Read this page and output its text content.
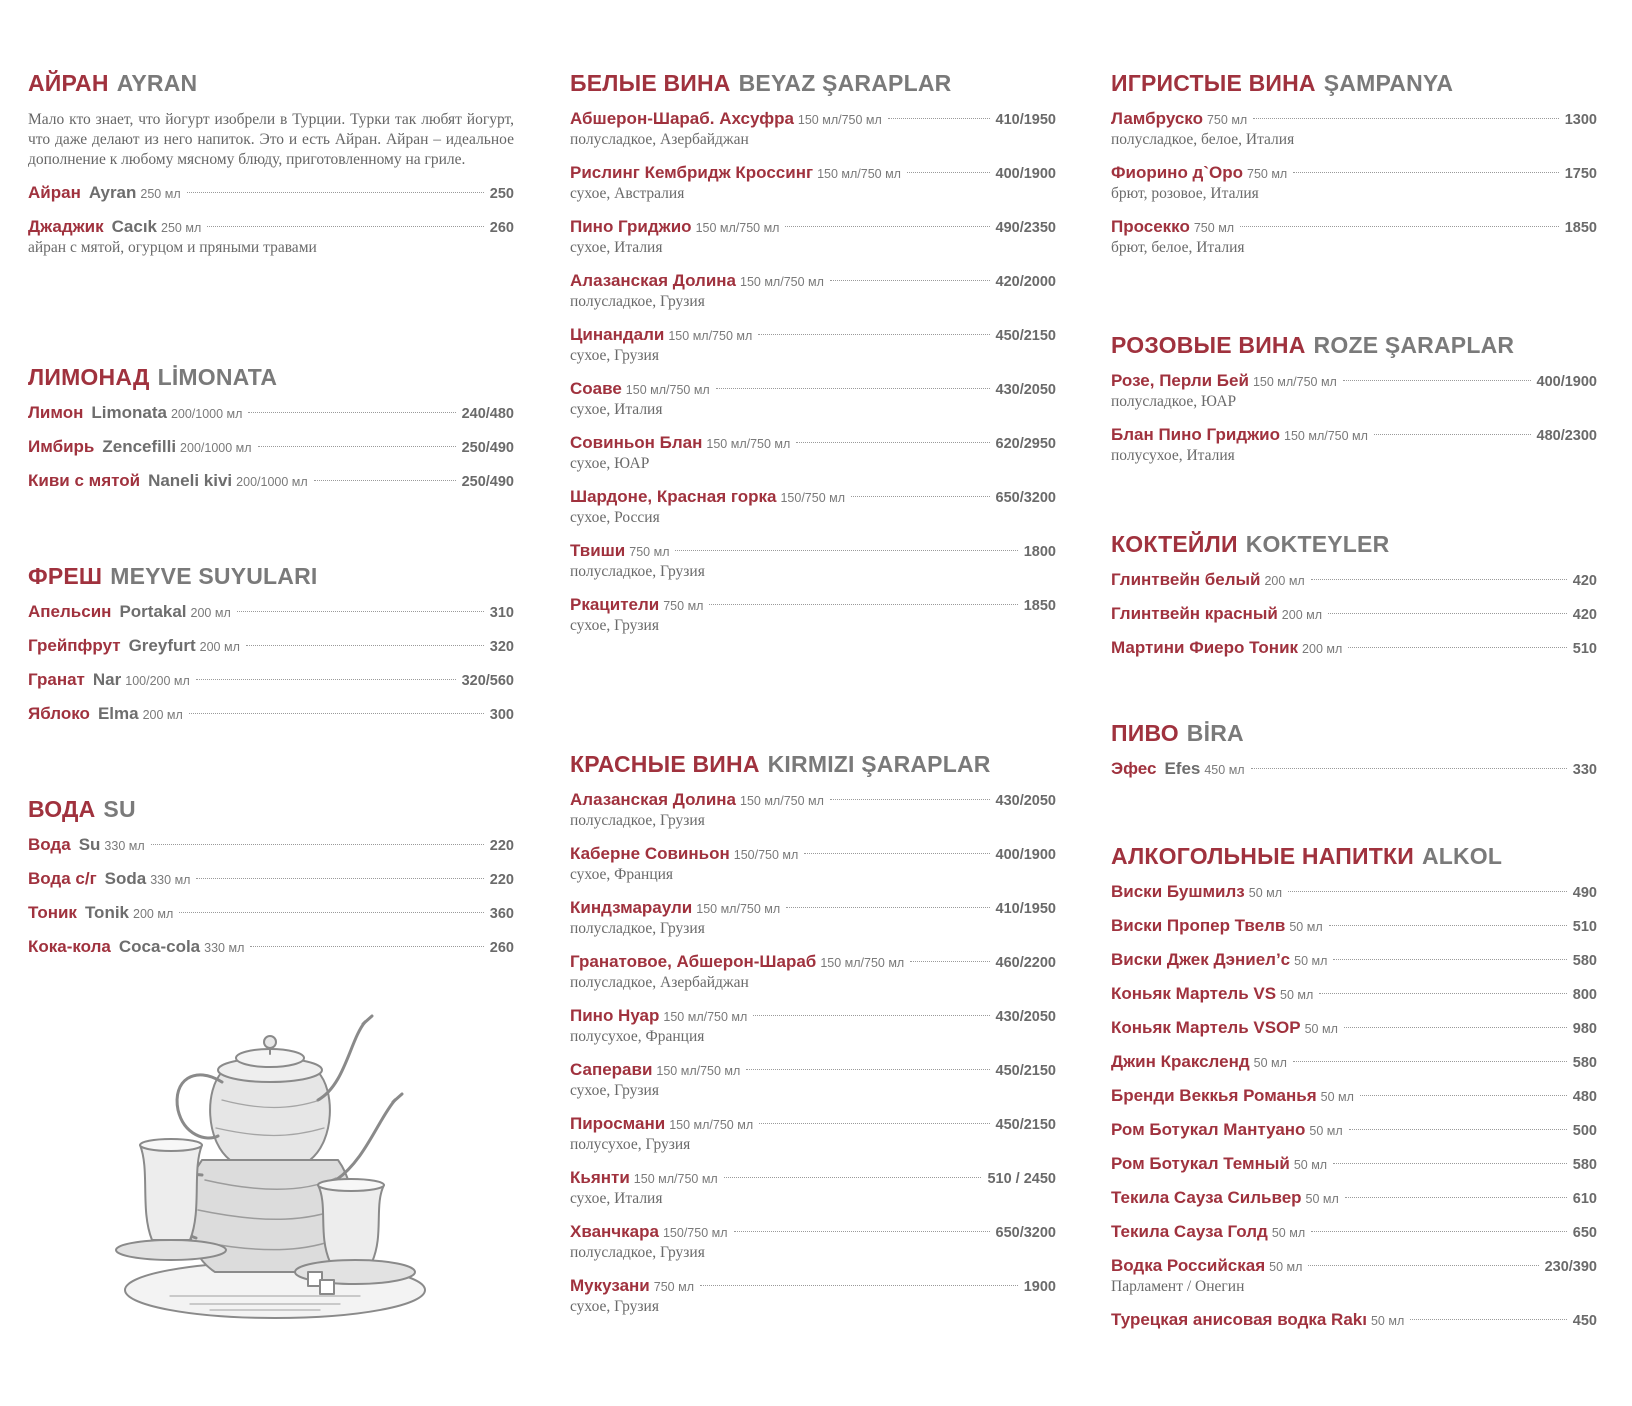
АЙРАН AYRAN

Мало кто знает, что йогурт изобрели в Турции. Турки так любят йогурт, что даже делают из него напиток. Это и есть Айран. Айран – идеальное дополнение к любому мясному блюду, приготовленному на гриле.

Айран Ayran 250 мл	250
Джаджик Cacık 250 мл	260
айран с мятой, огурцом и пряными травами
ЛИМОНАД LİMONATA
Лимон Limonata 200/1000 мл	240/480
Имбирь Zencefilli 200/1000 мл	250/490
Киви с мятой Naneli kivi 200/1000 мл	250/490
ФРЕШ MEYVE SUYULARI
Апельсин Portakal 200 мл	310
Грейпфрут Greyfurt 200 мл	320
Гранат Nar 100/200 мл	320/560
Яблоко Elma 200 мл	300
ВОДА SU
Вода Su 330 мл	220
Вода с/г Soda 330 мл	220
Тоник Tonik 200 мл	360
Кока-кола Coca-cola 330 мл	260
БЕЛЫЕ ВИНА BEYAZ ŞARAPLAR
Абшерон-Шараб. Ахсуфра 150 мл/750 мл	410/1950
полусладкое, Азербайджан
Рислинг Кембридж Кроссинг 150 мл/750 мл	400/1900
сухое, Австралия
Пино Гриджио 150 мл/750 мл	490/2350
сухое, Италия
Алазанская Долина 150 мл/750 мл	420/2000
полусладкое, Грузия
Цинандали 150 мл/750 мл	450/2150
сухое, Грузия
Соаве 150 мл/750 мл	430/2050
сухое, Италия
Совиньон Блан 150 мл/750 мл	620/2950
сухое, ЮАР
Шардоне, Красная горка 150/750 мл	650/3200
сухое, Россия
Твиши 750 мл	1800
полусладкое, Грузия
Ркацители 750 мл	1850
сухое, Грузия
КРАСНЫЕ ВИНА KIRMIZI ŞARAPLAR
Алазанская Долина 150 мл/750 мл	430/2050
полусладкое, Грузия
Каберне Совиньон 150/750 мл	400/1900
сухое, Франция
Киндзмараули 150 мл/750 мл	410/1950
полусладкое, Грузия
Гранатовое, Абшерон-Шараб 150 мл/750 мл	460/2200
полусладкое, Азербайджан
Пино Нуар 150 мл/750 мл	430/2050
полусухое, Франция
Саперави 150 мл/750 мл	450/2150
сухое, Грузия
Пиросмани 150 мл/750 мл	450/2150
полусухое, Грузия
Кьянти 150 мл/750 мл	510 / 2450
сухое, Италия
Хванчкара 150/750 мл	650/3200
полусладкое, Грузия
Мукузани 750 мл	1900
сухое, Грузия
ИГРИСТЫЕ ВИНА ŞAMPANYA
Ламбруско 750 мл	1300
полусладкое, белое, Италия
Фиорино д`Оро 750 мл	1750
брют, розовое, Италия
Просекко 750 мл	1850
брют, белое, Италия
РОЗОВЫЕ ВИНА ROZE ŞARAPLAR
Розе, Перли Бей 150 мл/750 мл	400/1900
полусладкое, ЮАР
Блан Пино Гриджио 150 мл/750 мл	480/2300
полусухое, Италия
КОКТЕЙЛИ KOKTEYLER
Глинтвейн белый 200 мл	420
Глинтвейн красный 200 мл	420
Мартини Фиеро Тоник 200 мл	510
ПИВО BİRA
Эфес Efes 450 мл	330
АЛКОГОЛЬНЫЕ НАПИТКИ ALKOL
Виски Бушмилз 50 мл	490
Виски Пропер Твелв 50 мл	510
Виски Джек Дэниел’с 50 мл	580
Коньяк Мартель VS 50 мл	800
Коньяк Мартель VSOP 50 мл	980
Джин Краксленд 50 мл	580
Бренди Веккья Романья 50 мл	480
Ром Ботукал Мантуано 50 мл	500
Ром Ботукал Темный 50 мл	580
Текила Сауза Сильвер 50 мл	610
Текила Сауза Голд 50 мл	650
Водка Российская 50 мл	230/390
Парламент / Онегин
Турецкая анисовая водка Rakı 50 мл	450
